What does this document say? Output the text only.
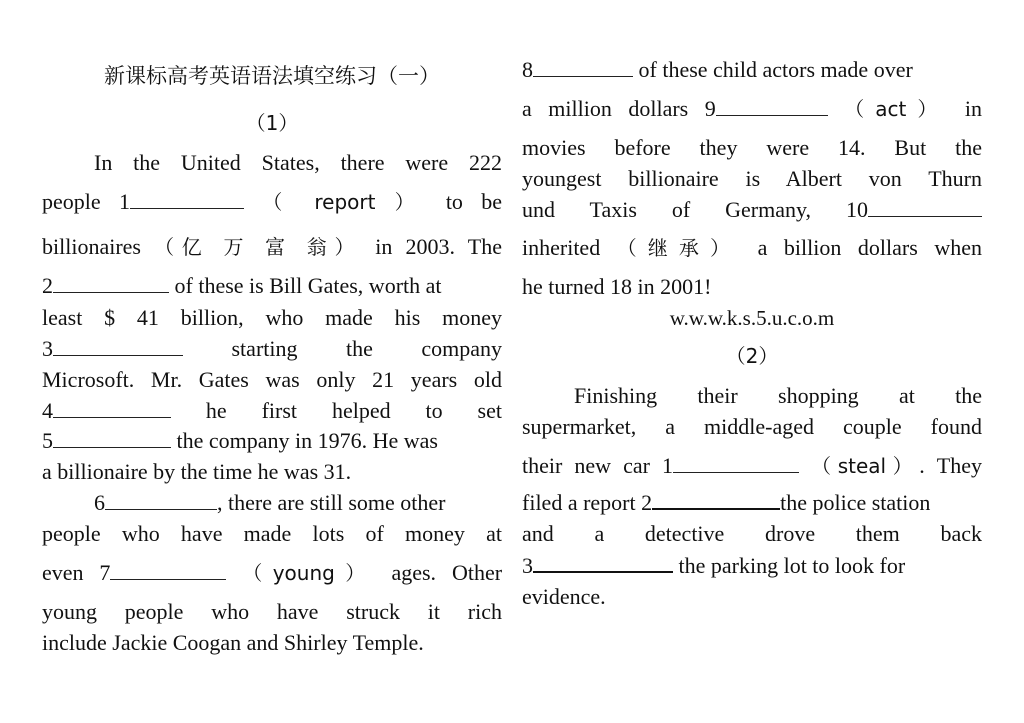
新课标高考英语语法填空练习（一）
（1）
In the United States, there were 222
people 1	（ report ） to be
billionaires （亿 万 富 翁） in 2003. The
2	of these is Bill Gates, worth at
least $ 41 billion, who made his money
3	starting the company
Microsoft. Mr. Gates was only 21 years old
4	he first helped to set
5	the company in 1976. He was
a billionaire by the time he was 31.
6	, there are still some other
people who have made lots of money at
even 7	（young） ages. Other
young people who have struck it rich
include Jackie Coogan and Shirley Temple.
8	of these child actors made over
a million dollars 9	（act） in
movies before they were 14. But the
youngest billionaire is Albert von Thurn
und Taxis of Germany, 10
inherited （继承） a billion dollars when
he turned 18 in 2001!
w.w.w.k.s.5.u.c.o.m
（2）
Finishing their shopping at the
supermarket, a middle-aged couple found
their new car 1	（steal）. They
filed a report 2	the police station
and a detective drove them back
3	the parking lot to look for
evidence.
